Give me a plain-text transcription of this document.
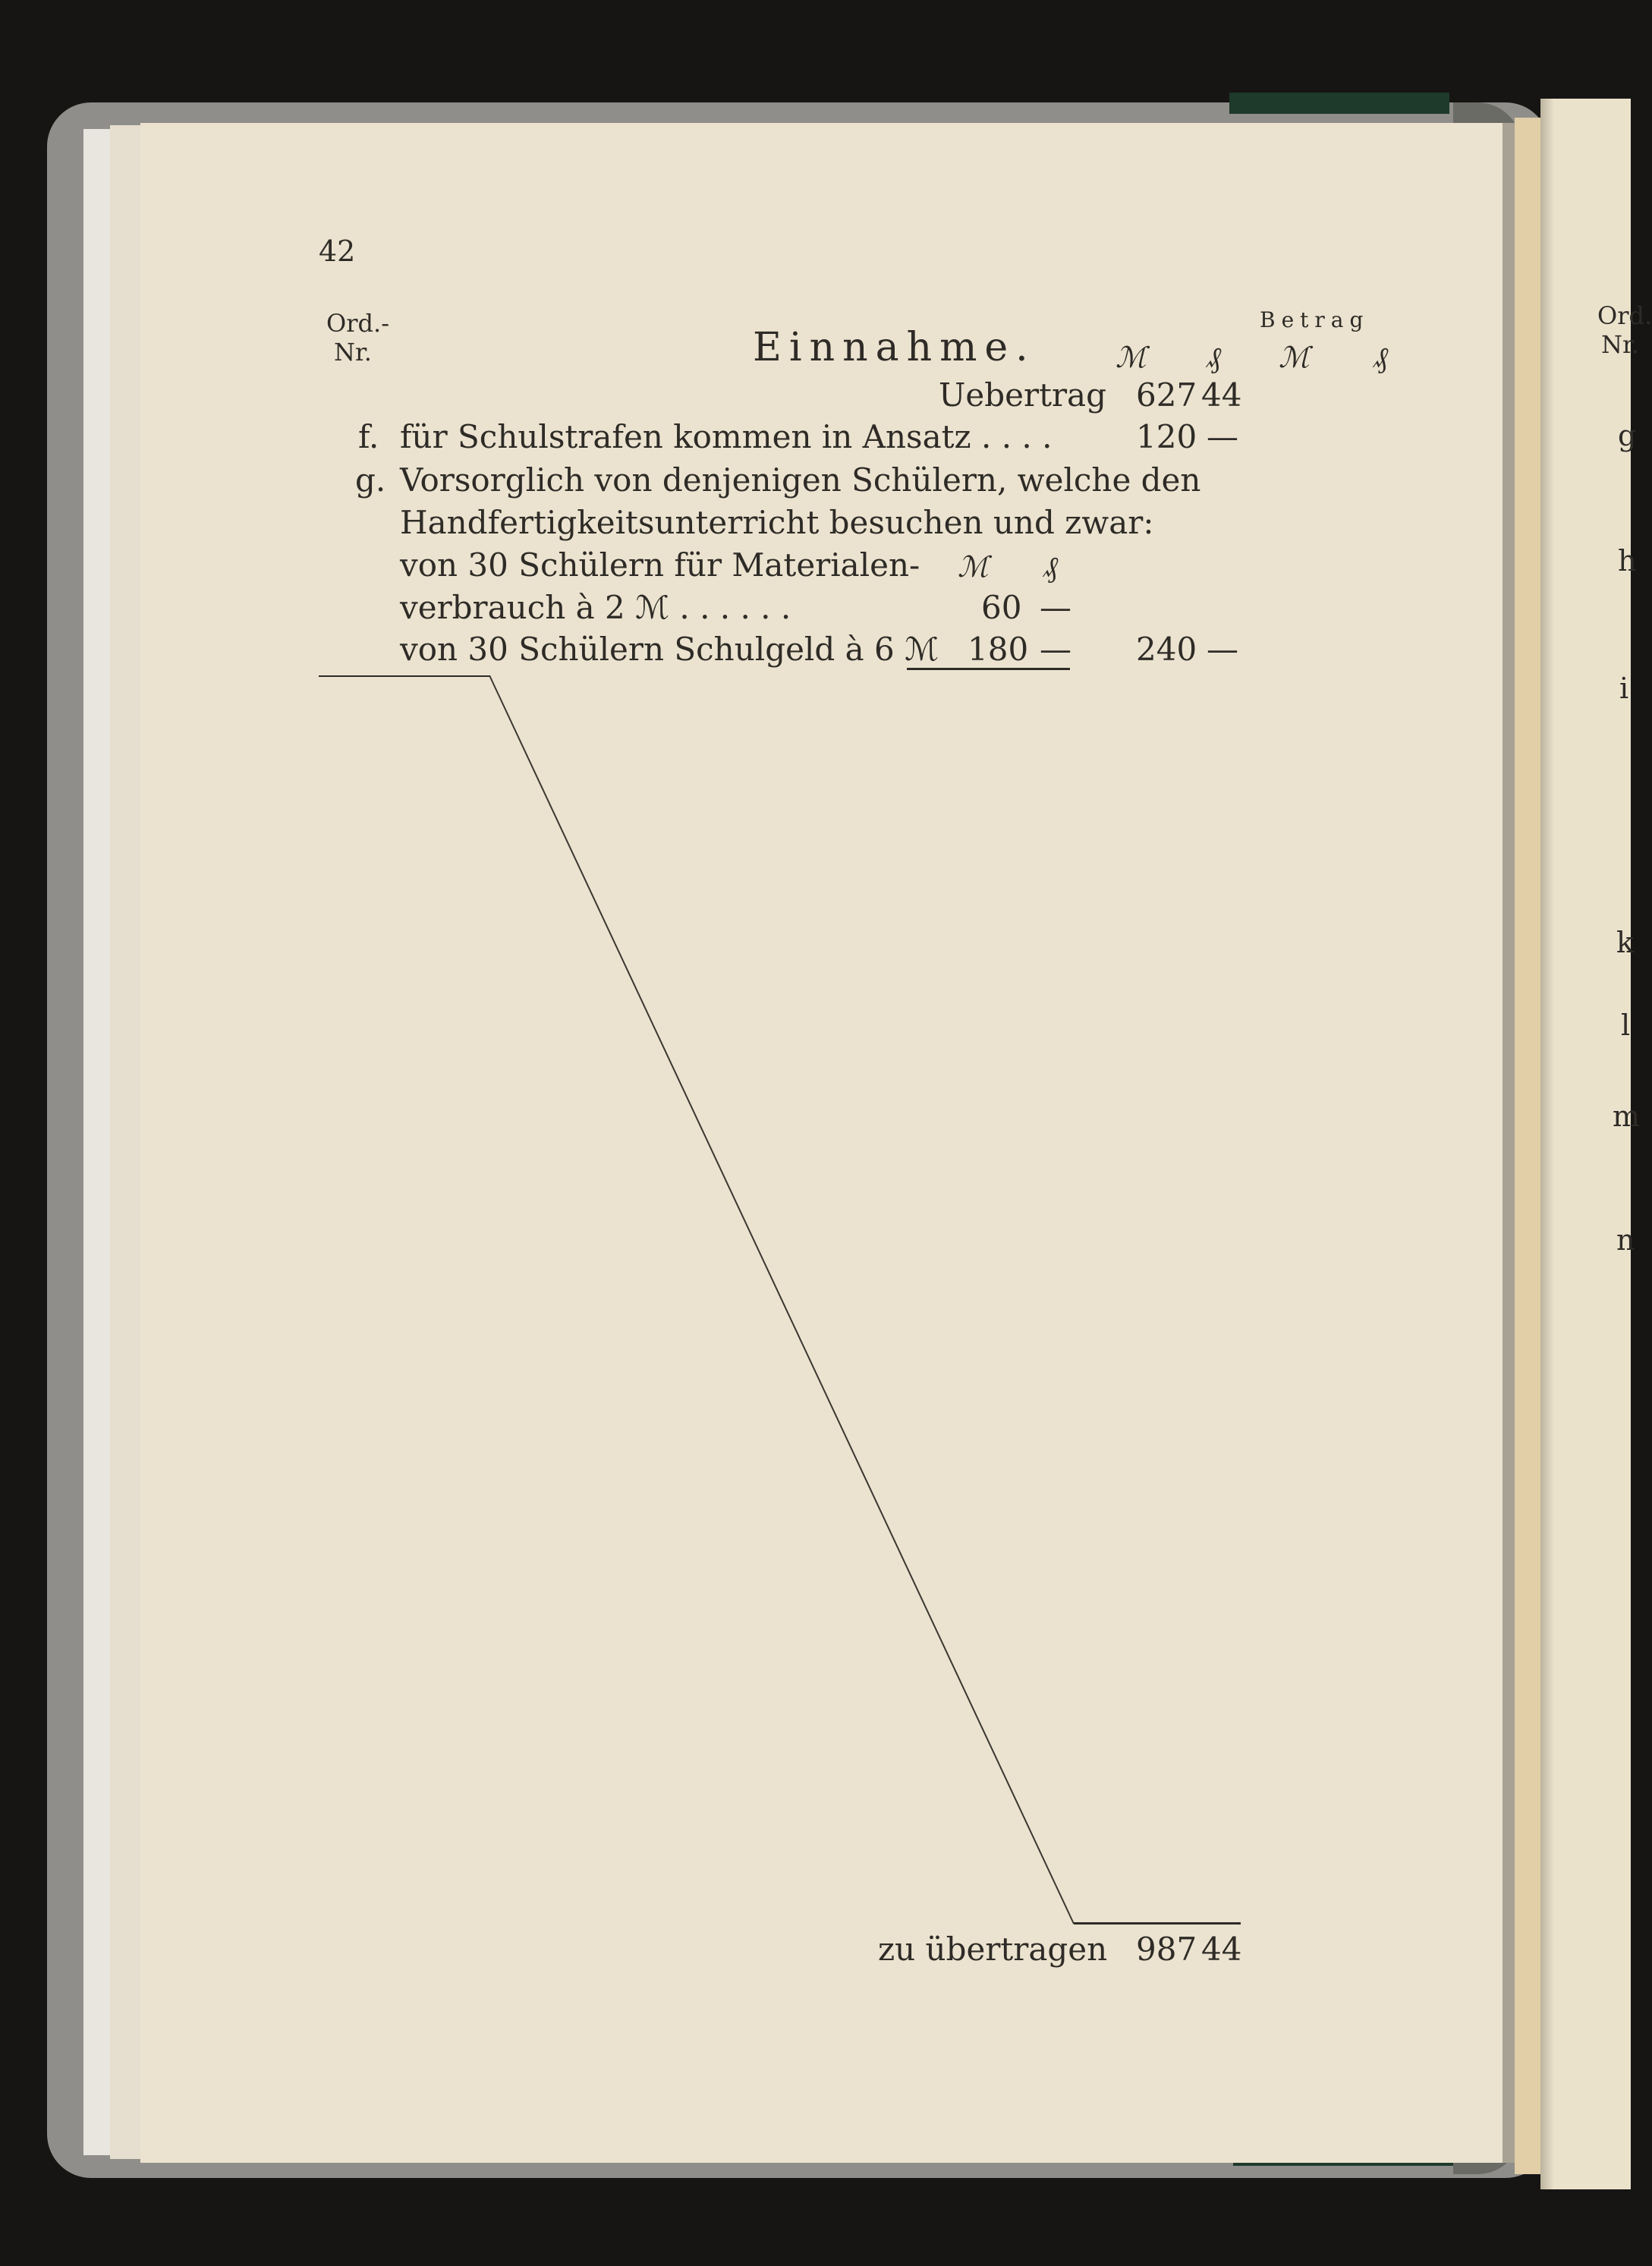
42
Ord.-
Nr.	Einnahme.
Betrag
ℳ ₰ ℳ ₰
Uebertrag 627 44
f. für Schulstrafen kommen in Ansatz . . . .	120 —
g. Vorsorglich von denjenigen Schülern, welche den
Handfertigkeitsunterricht besuchen und zwar:
von 30 Schülern für Materialen- ℳ ₰
verbrauch à 2 ℳ . . . . . .	60 —
von 30 Schülern Schulgeld à 6 ℳ 180 — 240 —
zu übertragen 987 44
Ord.
Nr.
g
h
i
k
l
m
n
